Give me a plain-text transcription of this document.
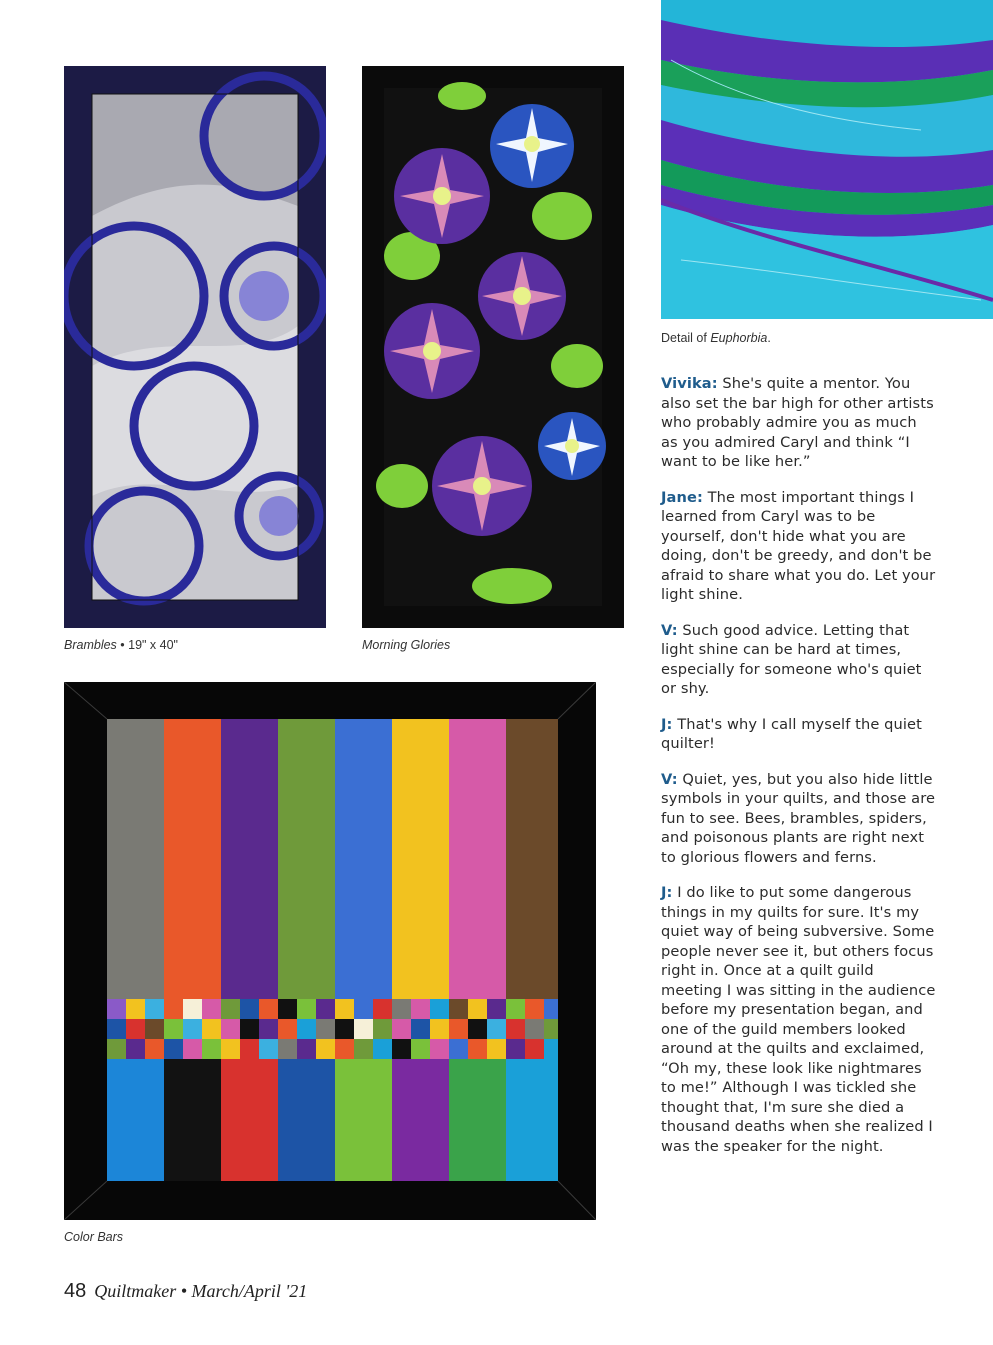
Detail of Euphorbia.
Brambles • 19" x 40"	Morning Glories
Color Bars

Vivika: She's quite a mentor. You also set the bar high for other artists who probably admire you as much as you admired Caryl and think “I want to be like her.”

Jane: The most important things I learned from Caryl was to be yourself, don't hide what you are doing, don't be greedy, and don't be afraid to share what you do. Let your light shine.

V: Such good advice. Letting that light shine can be hard at times, especially for someone who's quiet or shy.

J: That's why I call myself the quiet quilter!

V: Quiet, yes, but you also hide little symbols in your quilts, and those are fun to see. Bees, brambles, spiders, and poisonous plants are right next to glorious flowers and ferns.

J: I do like to put some dangerous things in my quilts for sure. It's my quiet way of being subversive. Some people never see it, but others focus right in. Once at a quilt guild meeting I was sitting in the audience before my presentation began, and one of the guild members looked around at the quilts and exclaimed, “Oh my, these look like nightmares to me!” Although I was tickled she thought that, I'm sure she died a thousand deaths when she realized I was the speaker for the night.

48 Quiltmaker • March/April '21
